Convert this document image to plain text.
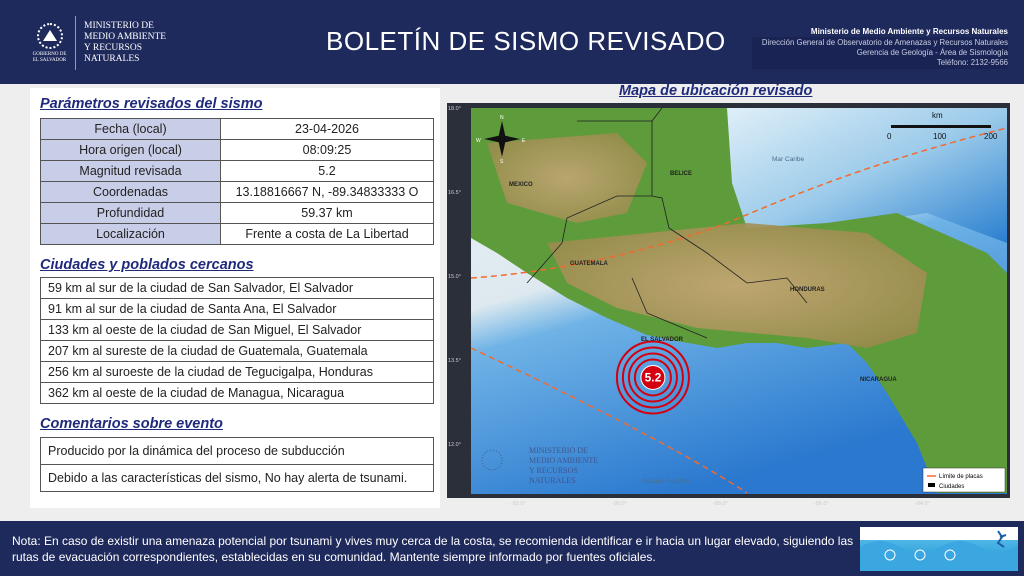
GOBIERNO DE EL SALVADOR
MINISTERIO DE
MEDIO AMBIENTE
Y RECURSOS
NATURALES
BOLETÍN DE SISMO REVISADO	Ministerio de Medio Ambiente y Recursos Naturales
Dirección General de Observatorio de Amenazas y Recursos Naturales
Gerencia de Geología - Área de Sismología
Teléfono: 2132-9566
Parámetros revisados del sismo
Fecha (local)	23-04-2026
Hora origen (local)	08:09:25
Magnitud revisada	5.2
Coordenadas	13.18816667 N, -89.34833333 O
Profundidad	59.37 km
Localización	Frente a costa de La Libertad
Ciudades y poblados cercanos
59 km al sur de la ciudad de San Salvador, El Salvador
91 km al sur de la ciudad de Santa Ana, El Salvador
133 km al oeste de la ciudad de San Miguel, El Salvador
207 km al sureste de la ciudad de Guatemala, Guatemala
256 km al suroeste de la ciudad de Tegucigalpa, Honduras
362 km al oeste de la ciudad de Managua, Nicaragua
Comentarios sobre evento
Producido por la dinámica del proceso de subducción
Debido a las características del sismo, No hay alerta de tsunami.
Mapa de ubicación revisado
5.2
MEXICO
BELICE
GUATEMALA
HONDURAS
EL SALVADOR
NICARAGUA
Mar Caribe
Oceano Pacifico
N
S
E
W
km
0	100	200
MINISTERIO DE
MEDIO AMBIENTE
Y RECURSOS
NATURALES	Límite de placas
Ciudades
18.0°
16.5°
15.0°
13.5°
12.0°
-92.0°	-90.0°	-88.0°	-86.0°	-84.0°
Nota: En caso de existir una amenaza potencial por tsunami y vives muy cerca de la costa, se recomienda identificar e ir hacia un lugar elevado, siguiendo las rutas de evacuación correspondientes, establecidas en su comunidad. Mantente siempre informado por fuentes oficiales.
